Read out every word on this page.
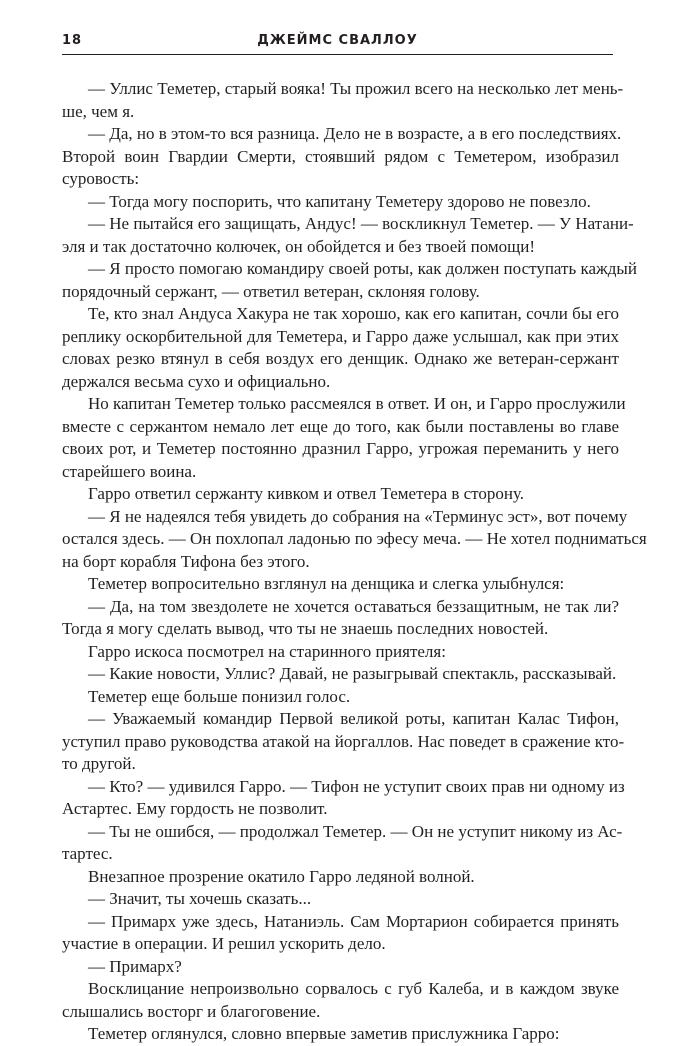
18	ДЖЕЙМС СВАЛЛОУ
— Уллис Теметер, старый вояка! Ты прожил всего на несколько лет мень-
ше, чем я.
— Да, но в этом-то вся разница. Дело не в возрасте, а в его последствиях.
Второй воин Гвардии Смерти, стоявший рядом с Теметером, изобразил
суровость:
— Тогда могу поспорить, что капитану Теметеру здорово не повезло.
— Не пытайся его защищать, Андус! — воскликнул Теметер. — У Натани-
эля и так достаточно колючек, он обойдется и без твоей помощи!
— Я просто помогаю командиру своей роты, как должен поступать каждый
порядочный сержант, — ответил ветеран, склоняя голову.
Те, кто знал Андуса Хакура не так хорошо, как его капитан, сочли бы его
реплику оскорбительной для Теметера, и Гарро даже услышал, как при этих
словах резко втянул в себя воздух его денщик. Однако же ветеран-сержант
держался весьма сухо и официально.
Но капитан Теметер только рассмеялся в ответ. И он, и Гарро прослужили
вместе с сержантом немало лет еще до того, как были поставлены во главе
своих рот, и Теметер постоянно дразнил Гарро, угрожая переманить у него
старейшего воина.
Гарро ответил сержанту кивком и отвел Теметера в сторону.
— Я не надеялся тебя увидеть до собрания на «Терминус эст», вот почему
остался здесь. — Он похлопал ладонью по эфесу меча. — Не хотел подниматься
на борт корабля Тифона без этого.
Теметер вопросительно взглянул на денщика и слегка улыбнулся:
— Да, на том звездолете не хочется оставаться беззащитным, не так ли?
Тогда я могу сделать вывод, что ты не знаешь последних новостей.
Гарро искоса посмотрел на старинного приятеля:
— Какие новости, Уллис? Давай, не разыгрывай спектакль, рассказывай.
Теметер еще больше понизил голос.
— Уважаемый командир Первой великой роты, капитан Калас Тифон,
уступил право руководства атакой на йоргаллов. Нас поведет в сражение кто-
то другой.
— Кто? — удивился Гарро. — Тифон не уступит своих прав ни одному из
Астартес. Ему гордость не позволит.
— Ты не ошибся, — продолжал Теметер. — Он не уступит никому из Ас-
тартес.
Внезапное прозрение окатило Гарро ледяной волной.
— Значит, ты хочешь сказать...
— Примарх уже здесь, Натаниэль. Сам Мортарион собирается принять
участие в операции. И решил ускорить дело.
— Примарх?
Восклицание непроизвольно сорвалось с губ Калеба, и в каждом звуке
слышались восторг и благоговение.
Теметер оглянулся, словно впервые заметив прислужника Гарро:
